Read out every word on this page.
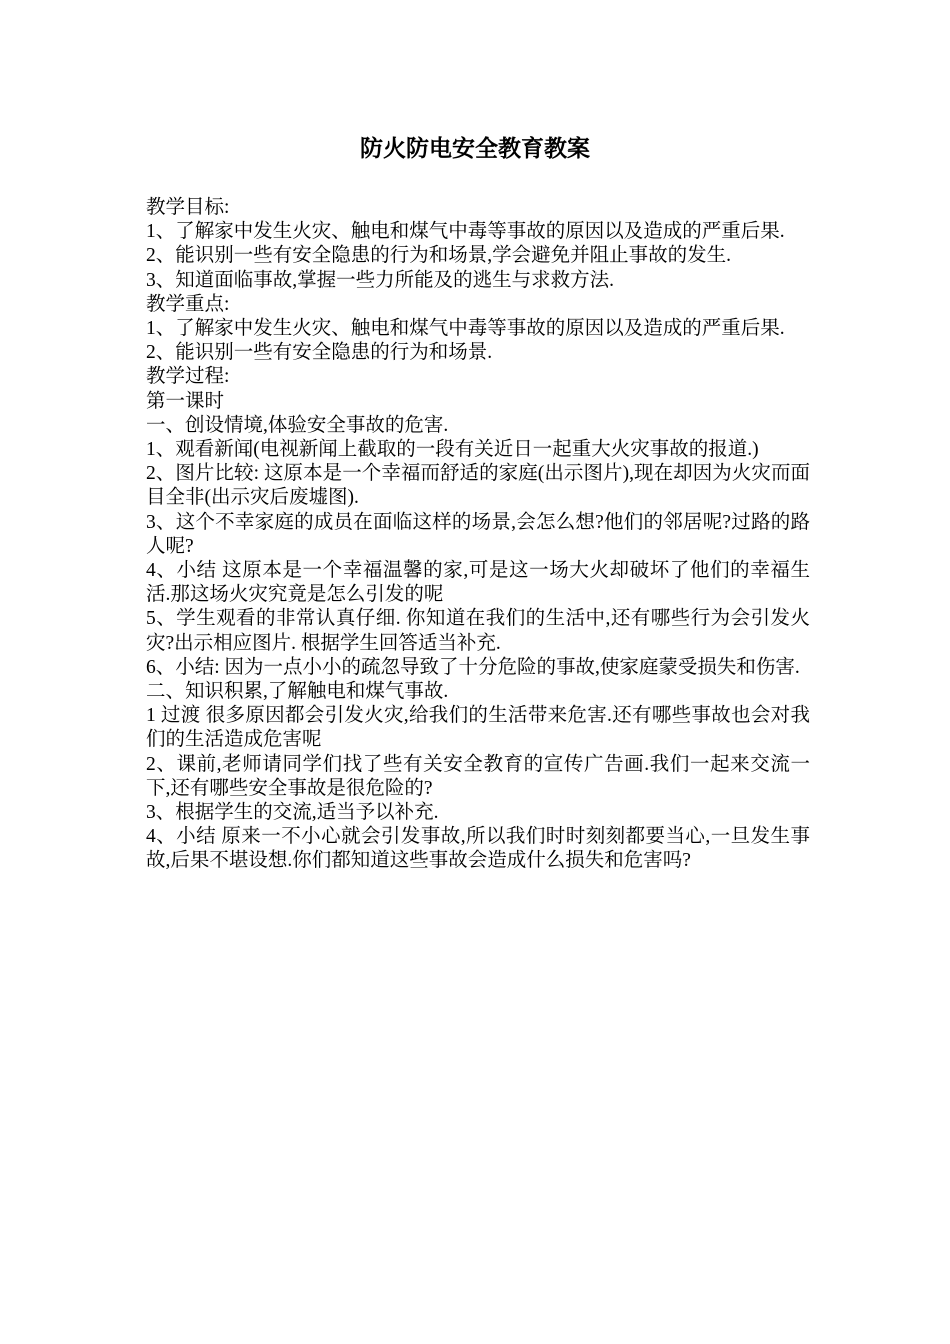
防火防电安全教育教案

教学目标:

1、了解家中发生火灾、触电和煤气中毒等事故的原因以及造成的严重后果.

2、能识别一些有安全隐患的行为和场景,学会避免并阻止事故的发生.

3、知道面临事故,掌握一些力所能及的逃生与求救方法.

教学重点:

1、了解家中发生火灾、触电和煤气中毒等事故的原因以及造成的严重后果.

2、能识别一些有安全隐患的行为和场景.

教学过程:

第一课时

一、创设情境,体验安全事故的危害.

1、观看新闻(电视新闻上截取的一段有关近日一起重大火灾事故的报道.)

2、图片比较: 这原本是一个幸福而舒适的家庭(出示图片),现在却因为火灾而面目全非(出示灾后废墟图).

3、这个不幸家庭的成员在面临这样的场景,会怎么想?他们的邻居呢?过路的路人呢?

4、小结 这原本是一个幸福温馨的家,可是这一场大火却破坏了他们的幸福生活.那这场火灾究竟是怎么引发的呢

5、学生观看的非常认真仔细. 你知道在我们的生活中,还有哪些行为会引发火灾?出示相应图片. 根据学生回答适当补充.

6、小结: 因为一点小小的疏忽导致了十分危险的事故,使家庭蒙受损失和伤害.

二、知识积累,了解触电和煤气事故.

1 过渡 很多原因都会引发火灾,给我们的生活带来危害.还有哪些事故也会对我们的生活造成危害呢

2、课前,老师请同学们找了些有关安全教育的宣传广告画.我们一起来交流一下,还有哪些安全事故是很危险的?

3、根据学生的交流,适当予以补充.

4、小结 原来一不小心就会引发事故,所以我们时时刻刻都要当心,一旦发生事故,后果不堪设想.你们都知道这些事故会造成什么损失和危害吗?
